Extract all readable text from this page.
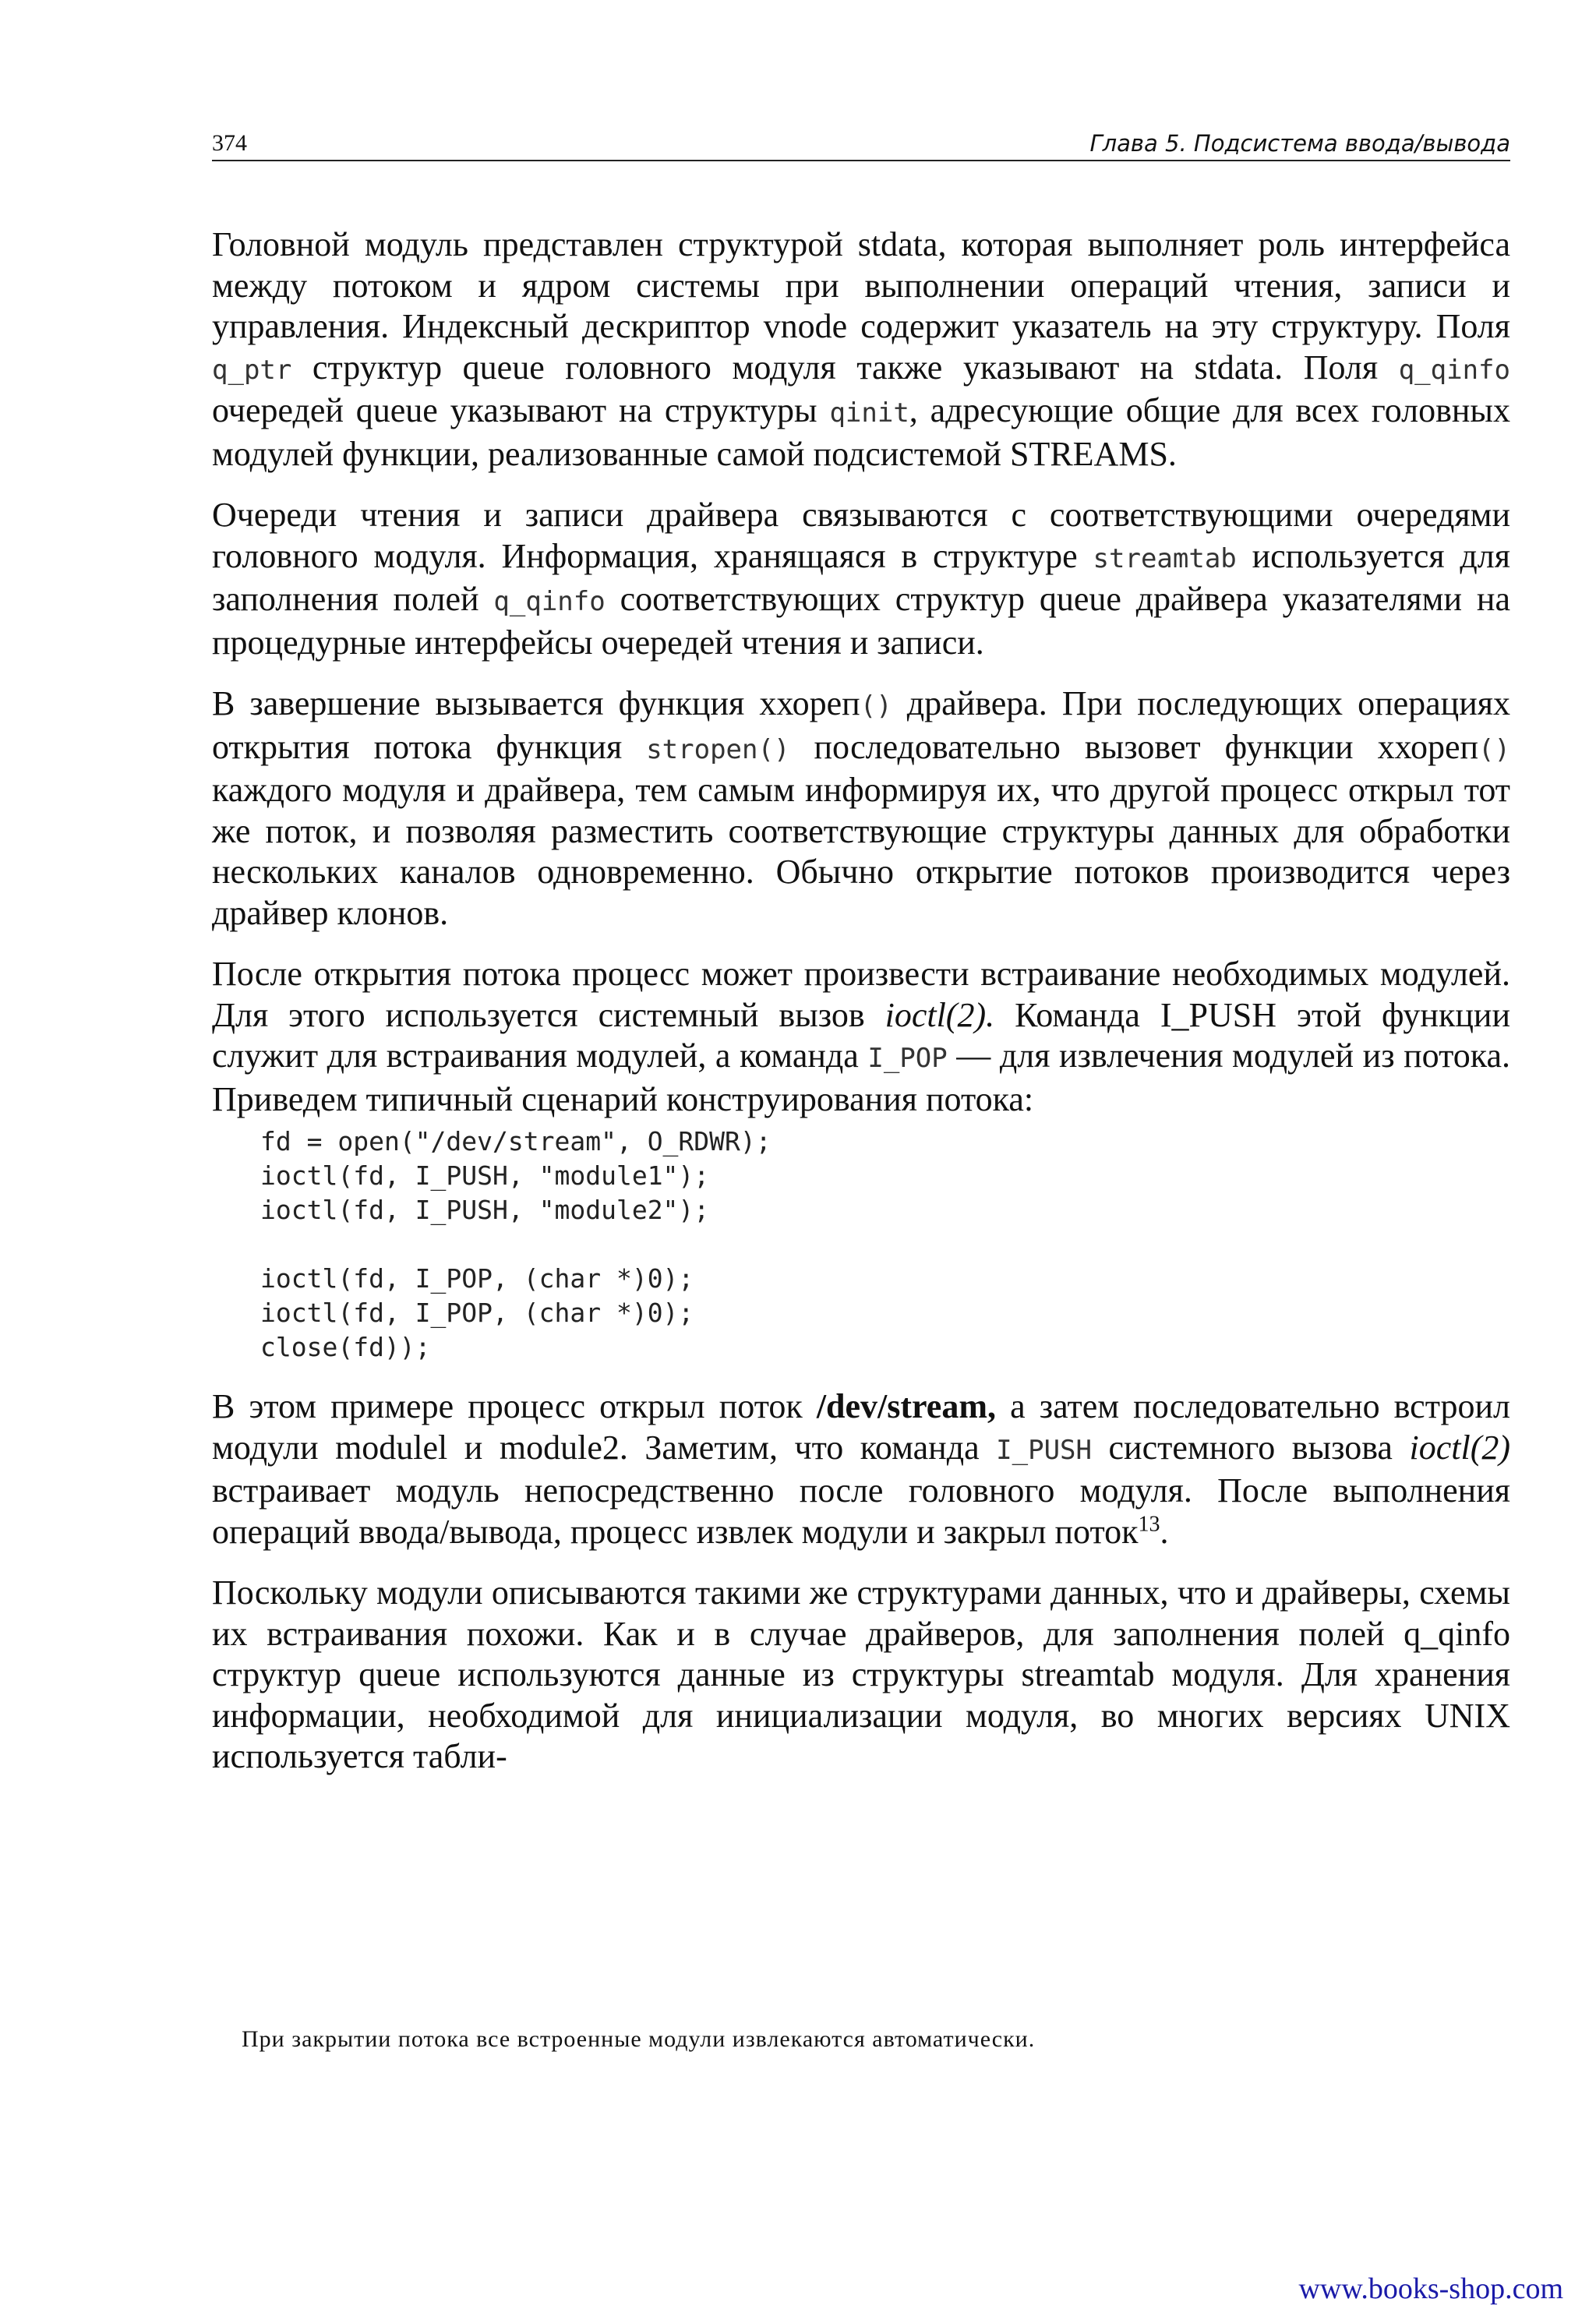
374	Глава 5. Подсистема ввода/вывода

Головной модуль представлен структурой stdata, которая выполняет роль интерфейса между потоком и ядром системы при выполнении операций чтения, записи и управления. Индексный дескриптор vnode содержит указатель на эту структуру. Поля q_ptr структур queue головного модуля также указывают на stdata. Поля q_qinfo очередей queue указывают на структуры qinit, адресующие общие для всех головных модулей функции, реализованные самой подсистемой STREAMS.

Очереди чтения и записи драйвера связываются с соответствующими очередями головного модуля. Информация, хранящаяся в структуре streamtab используется для заполнения полей q_qinfo соответствующих структур queue драйвера указателями на процедурные интерфейсы очередей чтения и записи.

В завершение вызывается функция ххореп() драйвера. При последующих операциях открытия потока функция stropen() последовательно вызовет функции ххореп() каждого модуля и драйвера, тем самым информируя их, что другой процесс открыл тот же поток, и позволяя разместить соответствующие структуры данных для обработки нескольких каналов одновременно. Обычно открытие потоков производится через драйвер клонов.

После открытия потока процесс может произвести встраивание необходимых модулей. Для этого используется системный вызов ioctl(2). Команда I_PUSH этой функции служит для встраивания модулей, а команда I_POP — для извлечения модулей из потока. Приведем типичный сценарий конструирования потока:

fd = open("/dev/stream", O_RDWR);
ioctl(fd, I_PUSH, "module1");
ioctl(fd, I_PUSH, "module2");
ioctl(fd, I_POP, (char *)0);
ioctl(fd, I_POP, (char *)0);
close(fd));

В этом примере процесс открыл поток /dev/stream, а затем последовательно встроил модули modulel и module2. Заметим, что команда I_PUSH системного вызова ioctl(2) встраивает модуль непосредственно после головного модуля. После выполнения операций ввода/вывода, процесс извлек модули и закрыл поток$^{13}$.

Поскольку модули описываются такими же структурами данных, что и драйверы, схемы их встраивания похожи. Как и в случае драйверов, для заполнения полей q_qinfo структур queue используются данные из структуры streamtab модуля. Для хранения информации, необходимой для инициализации модуля, во многих версиях UNIX используется табли-

При закрытии потока все встроенные модули извлекаются автоматически.
www.books-shop.com
